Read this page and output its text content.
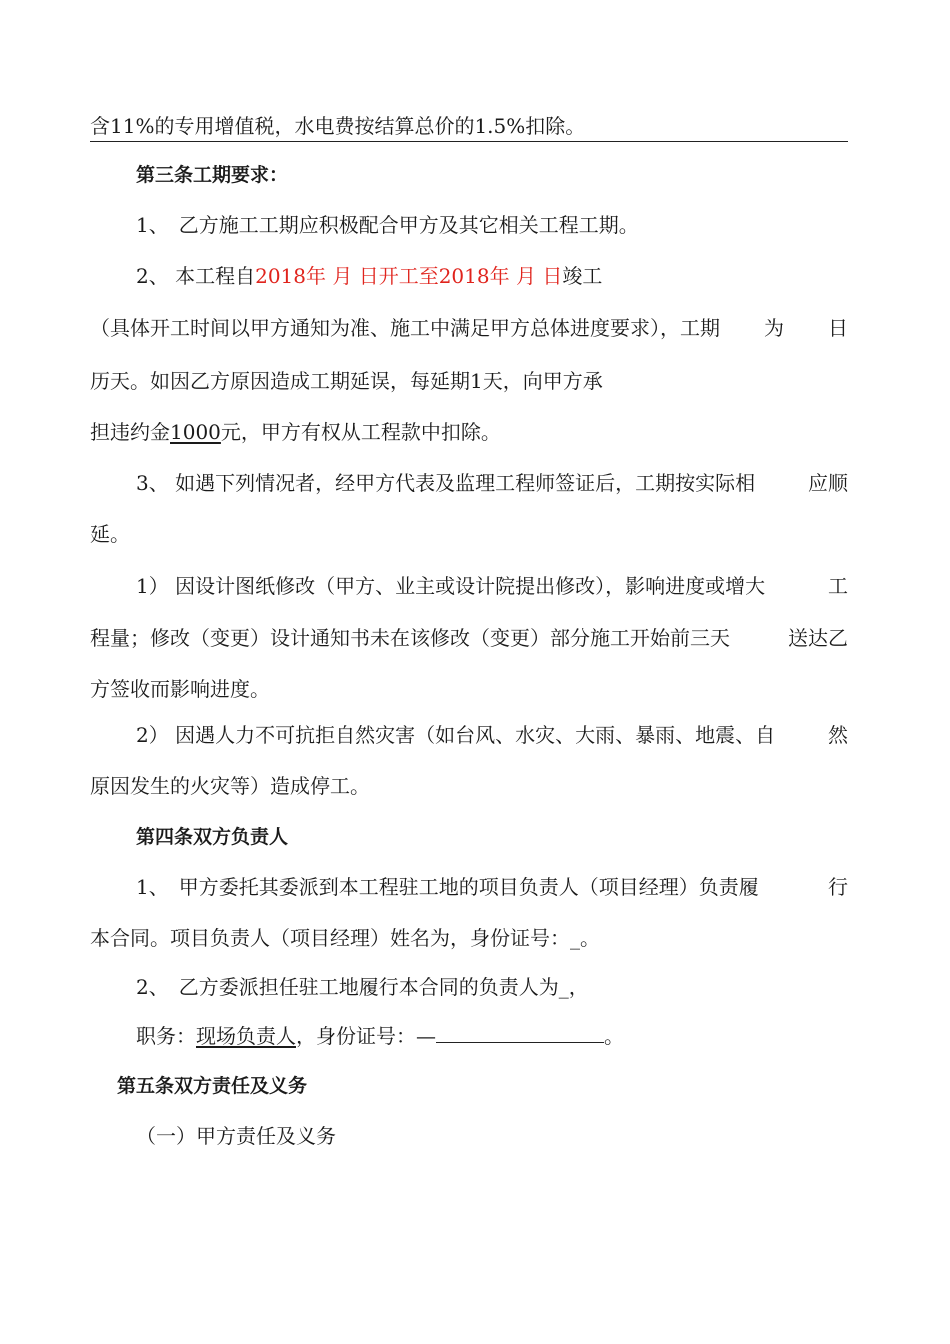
含11%的专用增值税，水电费按结算总价的1.5%扣除。
第三条工期要求：
1、　乙方施工工期应积极配合甲方及其它相关工程工期。
2、 本工程自2018年 月 日开工至2018年 月 日竣工
（具体开工时间以甲方通知为准、施工中满足甲方总体进度要求），工期 为 日
历天。如因乙方原因造成工期延误，每延期1天，向甲方承
担违约金1000元，甲方有权从工程款中扣除。
3、 如遇下列情况者，经甲方代表及监理工程师签证后，工期按实际相	应顺
延。
1） 因设计图纸修改（甲方、业主或设计院提出修改），影响进度或增大	工
程量；修改（变更）设计通知书未在该修改（变更）部分施工开始前三天	送达乙
方签收而影响进度。
2） 因遇人力不可抗拒自然灾害（如台风、水灾、大雨、暴雨、地震、自	然
原因发生的火灾等）造成停工。
第四条双方负责人
1、　甲方委托其委派到本工程驻工地的项目负责人（项目经理）负责履	行
本合同。项目负责人（项目经理）姓名为，身份证号：_。
2、　乙方委派担任驻工地履行本合同的负责人为_，
职务：现场负责人，身份证号：—	。
第五条双方责任及义务
（一）甲方责任及义务
